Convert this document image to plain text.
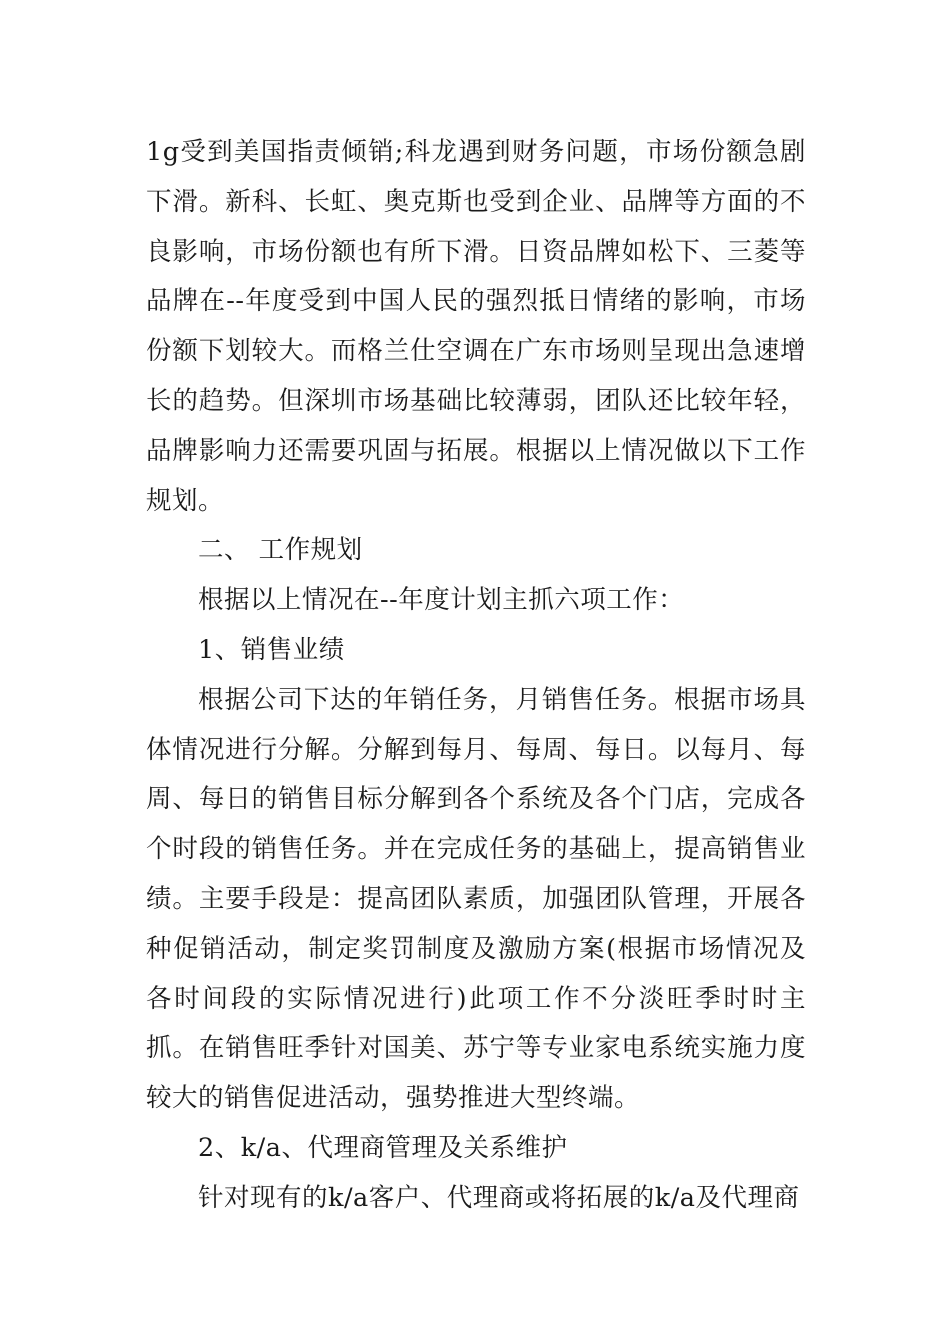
1g受到美国指责倾销;科龙遇到财务问题，市场份额急剧下滑。新科、长虹、奥克斯也受到企业、品牌等方面的不良影响，市场份额也有所下滑。日资品牌如松下、三菱等品牌在--年度受到中国人民的强烈抵日情绪的影响，市场份额下划较大。而格兰仕空调在广东市场则呈现出急速增长的趋势。但深圳市场基础比较薄弱，团队还比较年轻，品牌影响力还需要巩固与拓展。根据以上情况做以下工作规划。

二、 工作规划

根据以上情况在--年度计划主抓六项工作：

1、销售业绩

根据公司下达的年销任务，月销售任务。根据市场具体情况进行分解。分解到每月、每周、每日。以每月、每周、每日的销售目标分解到各个系统及各个门店，完成各个时段的销售任务。并在完成任务的基础上，提高销售业绩。主要手段是：提高团队素质，加强团队管理，开展各种促销活动，制定奖罚制度及激励方案(根据市场情况及各时间段的实际情况进行)此项工作不分淡旺季时时主抓。在销售旺季针对国美、苏宁等专业家电系统实施力度较大的销售促进活动，强势推进大型终端。

2、k/a、代理商管理及关系维护

针对现有的k/a客户、代理商或将拓展的k/a及代理商
